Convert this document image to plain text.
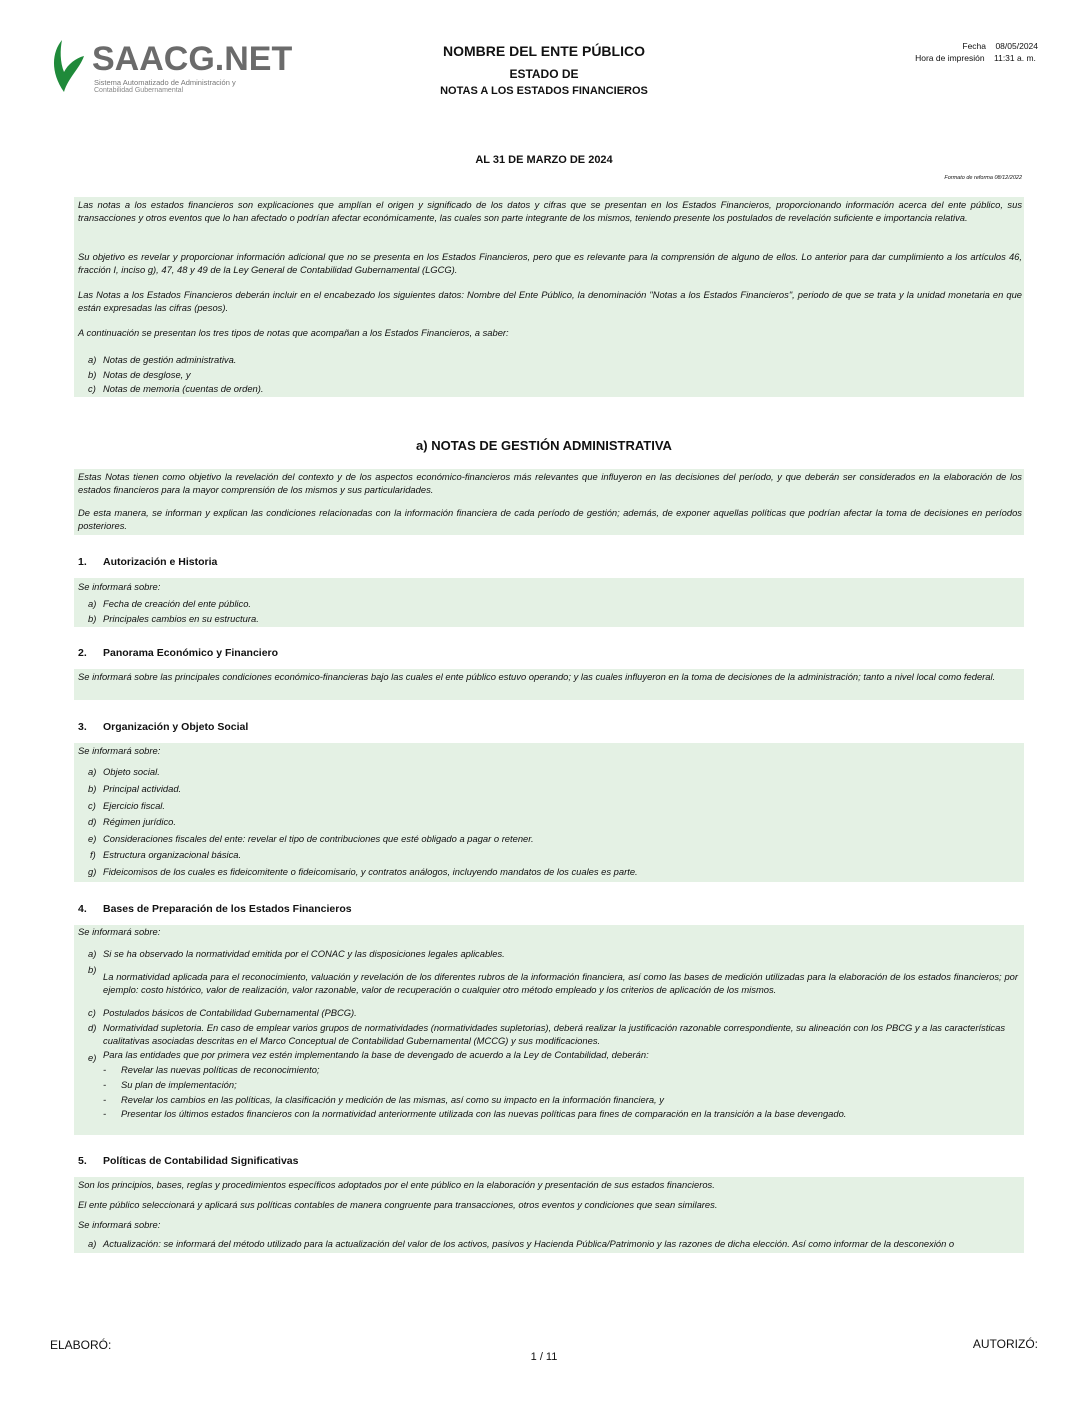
SAACG.NET
Sistema Automatizado de Administración y
Contabilidad Gubernamental
NOMBRE DEL ENTE PÚBLICO
ESTADO DE
NOTAS A LOS ESTADOS FINANCIEROS
Fecha 08/05/2024
Hora de impresión 11:31 a. m.
AL 31 DE MARZO DE 2024
Formato de reforma 08/12/2022
Las notas a los estados financieros son explicaciones que amplían el origen y significado de los datos y cifras que se presentan en los Estados Financieros, proporcionando información acerca del ente público, sus transacciones y otros eventos que lo han afectado o podrían afectar económicamente, las cuales son parte integrante de los mismos, teniendo presente los postulados de revelación suficiente e importancia relativa.
Su objetivo es revelar y proporcionar información adicional que no se presenta en los Estados Financieros, pero que es relevante para la comprensión de alguno de ellos. Lo anterior para dar cumplimiento a los artículos 46, fracción I, inciso g), 47, 48 y 49 de la Ley General de Contabilidad Gubernamental (LGCG).
Las Notas a los Estados Financieros deberán incluir en el encabezado los siguientes datos: Nombre del Ente Público, la denominación "Notas a los Estados Financieros", periodo de que se trata y la unidad monetaria en que están expresadas las cifras (pesos).
A continuación se presentan los tres tipos de notas que acompañan a los Estados Financieros, a saber:
a) Notas de gestión administrativa.
b) Notas de desglose, y
c) Notas de memoria (cuentas de orden).
a) NOTAS DE GESTIÓN ADMINISTRATIVA
Estas Notas tienen como objetivo la revelación del contexto y de los aspectos económico-financieros más relevantes que influyeron en las decisiones del período, y que deberán ser considerados en la elaboración de los estados financieros para la mayor comprensión de los mismos y sus particularidades.
De esta manera, se informan y explican las condiciones relacionadas con la información financiera de cada período de gestión; además, de exponer aquellas políticas que podrían afectar la toma de decisiones en períodos posteriores.
1. Autorización e Historia
Se informará sobre:
a) Fecha de creación del ente público.
b) Principales cambios en su estructura.
2. Panorama Económico y Financiero
Se informará sobre las principales condiciones económico-financieras bajo las cuales el ente público estuvo operando; y las cuales influyeron en la toma de decisiones de la administración; tanto a nivel local como federal.
3. Organización y Objeto Social
Se informará sobre:
a) Objeto social.
b) Principal actividad.
c) Ejercicio fiscal.
d) Régimen jurídico.
e) Consideraciones fiscales del ente: revelar el tipo de contribuciones que esté obligado a pagar o retener.
f) Estructura organizacional básica.
g) Fideicomisos de los cuales es fideicomitente o fideicomisario, y contratos análogos, incluyendo mandatos de los cuales es parte.
4. Bases de Preparación de los Estados Financieros
Se informará sobre:
a) Si se ha observado la normatividad emitida por el CONAC y las disposiciones legales aplicables.
b)
La normatividad aplicada para el reconocimiento, valuación y revelación de los diferentes rubros de la información financiera, así como las bases de medición utilizadas para la elaboración de los estados financieros; por ejemplo: costo histórico, valor de realización, valor razonable, valor de recuperación o cualquier otro método empleado y los criterios de aplicación de los mismos.
c) Postulados básicos de Contabilidad Gubernamental (PBCG).
d) Normatividad supletoria. En caso de emplear varios grupos de normatividades (normatividades supletorias), deberá realizar la justificación razonable correspondiente, su alineación con los PBCG y a las características cualitativas asociadas descritas en el Marco Conceptual de Contabilidad Gubernamental (MCCG) y sus modificaciones.
e) Para las entidades que por primera vez estén implementando la base de devengado de acuerdo a la Ley de Contabilidad, deberán:
- Revelar las nuevas políticas de reconocimiento;
- Su plan de implementación;
- Revelar los cambios en las políticas, la clasificación y medición de las mismas, así como su impacto en la información financiera, y
- Presentar los últimos estados financieros con la normatividad anteriormente utilizada con las nuevas políticas para fines de comparación en la transición a la base devengado.
5. Políticas de Contabilidad Significativas
Son los principios, bases, reglas y procedimientos específicos adoptados por el ente público en la elaboración y presentación de sus estados financieros.
El ente público seleccionará y aplicará sus políticas contables de manera congruente para transacciones, otros eventos y condiciones que sean similares.
Se informará sobre:
a) Actualización: se informará del método utilizado para la actualización del valor de los activos, pasivos y Hacienda Pública/Patrimonio y las razones de dicha elección. Así como informar de la desconexión o
ELABORÓ:	AUTORIZÓ:
1 / 11
